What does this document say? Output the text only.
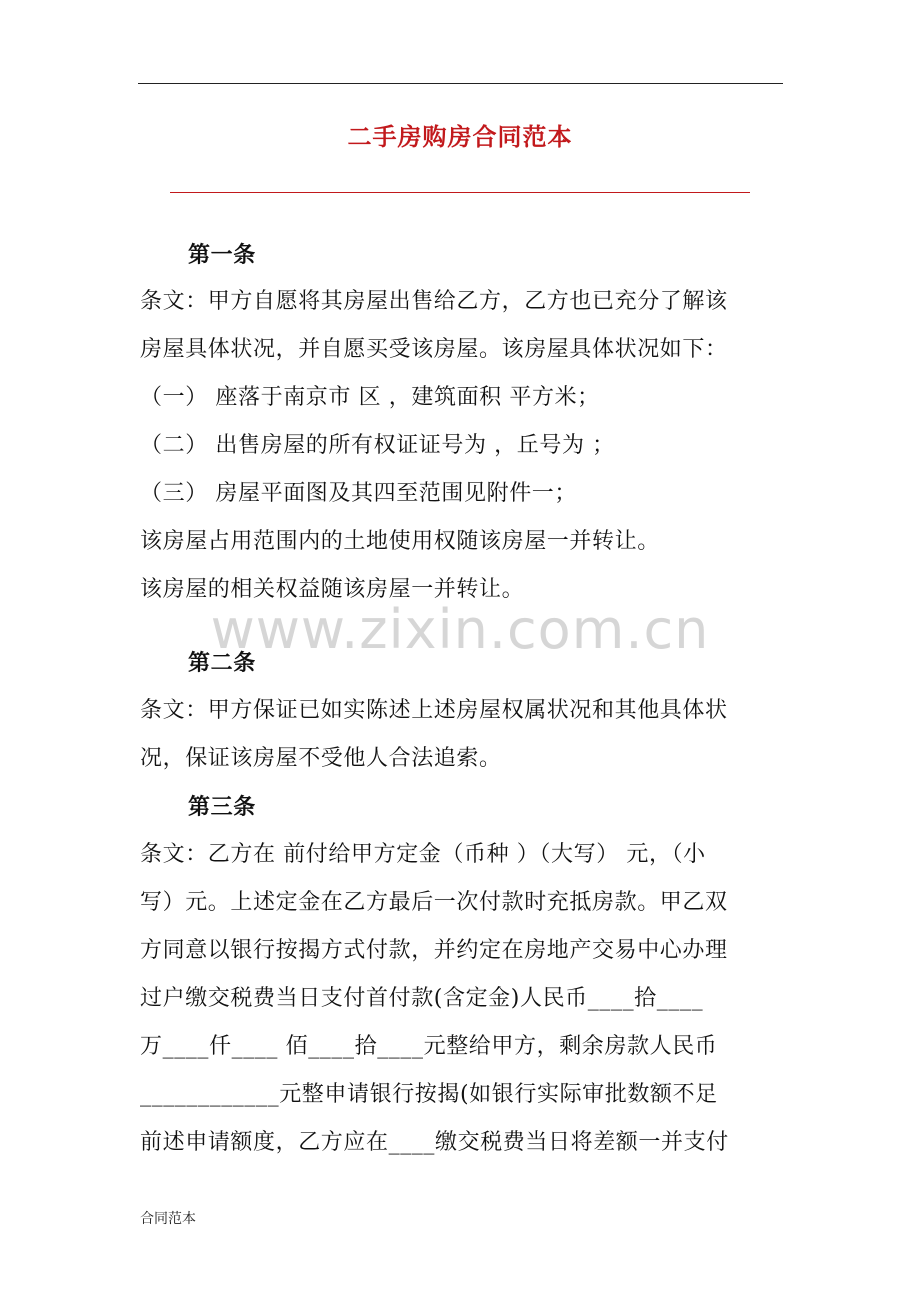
二手房购房合同范本
www.zixin.com.cn
第一条
条文：甲方自愿将其房屋出售给乙方，乙方也已充分了解该
房屋具体状况，并自愿买受该房屋。该房屋具体状况如下：
（一） 座落于南京市 区 ，建筑面积 平方米；
（二） 出售房屋的所有权证证号为 ，丘号为 ；
（三） 房屋平面图及其四至范围见附件一；
该房屋占用范围内的土地使用权随该房屋一并转让。
该房屋的相关权益随该房屋一并转让。
第二条
条文：甲方保证已如实陈述上述房屋权属状况和其他具体状
况，保证该房屋不受他人合法追索。
第三条
条文：乙方在 前付给甲方定金（币种 ）（大写） 元，（小
写）元。上述定金在乙方最后一次付款时充抵房款。甲乙双
方同意以银行按揭方式付款，并约定在房地产交易中心办理
过户缴交税费当日支付首付款(含定金)人民币____拾____
万____仟____ 佰____拾____元整给甲方，剩余房款人民币
____________元整申请银行按揭(如银行实际审批数额不足
前述申请额度，乙方应在____缴交税费当日将差额一并支付
合同范本
